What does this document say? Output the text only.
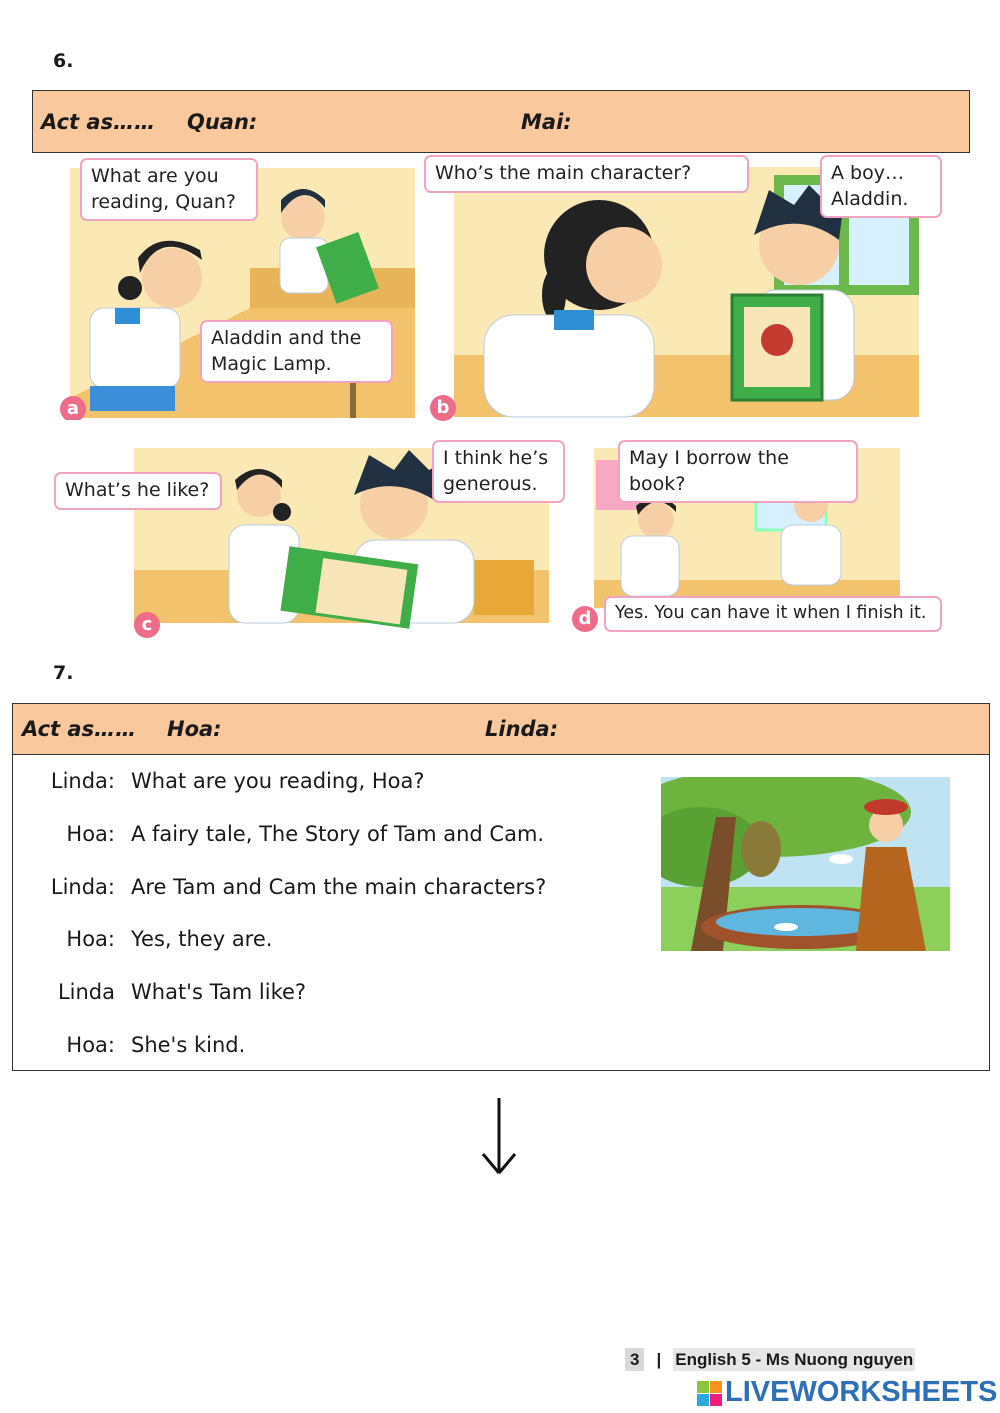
6.
Act as…… Quan:	Mai:
What are you
reading, Quan?
Aladdin and the
Magic Lamp.
a
Who’s the main character?	A boy…
Aladdin.
b
What’s he like?
I think he’s
generous.
c
May I borrow the book?
Yes. You can have it when I finish it.
d
7.
Act as…… Hoa:	Linda:
Linda: What are you reading, Hoa?
Hoa: A fairy tale, The Story of Tam and Cam.
Linda: Are Tam and Cam the main characters?
Hoa: Yes, they are.
Linda What's Tam like?
Hoa: She's kind.
3 | English 5 - Ms Nuong nguyen
LIVEWORKSHEETS
